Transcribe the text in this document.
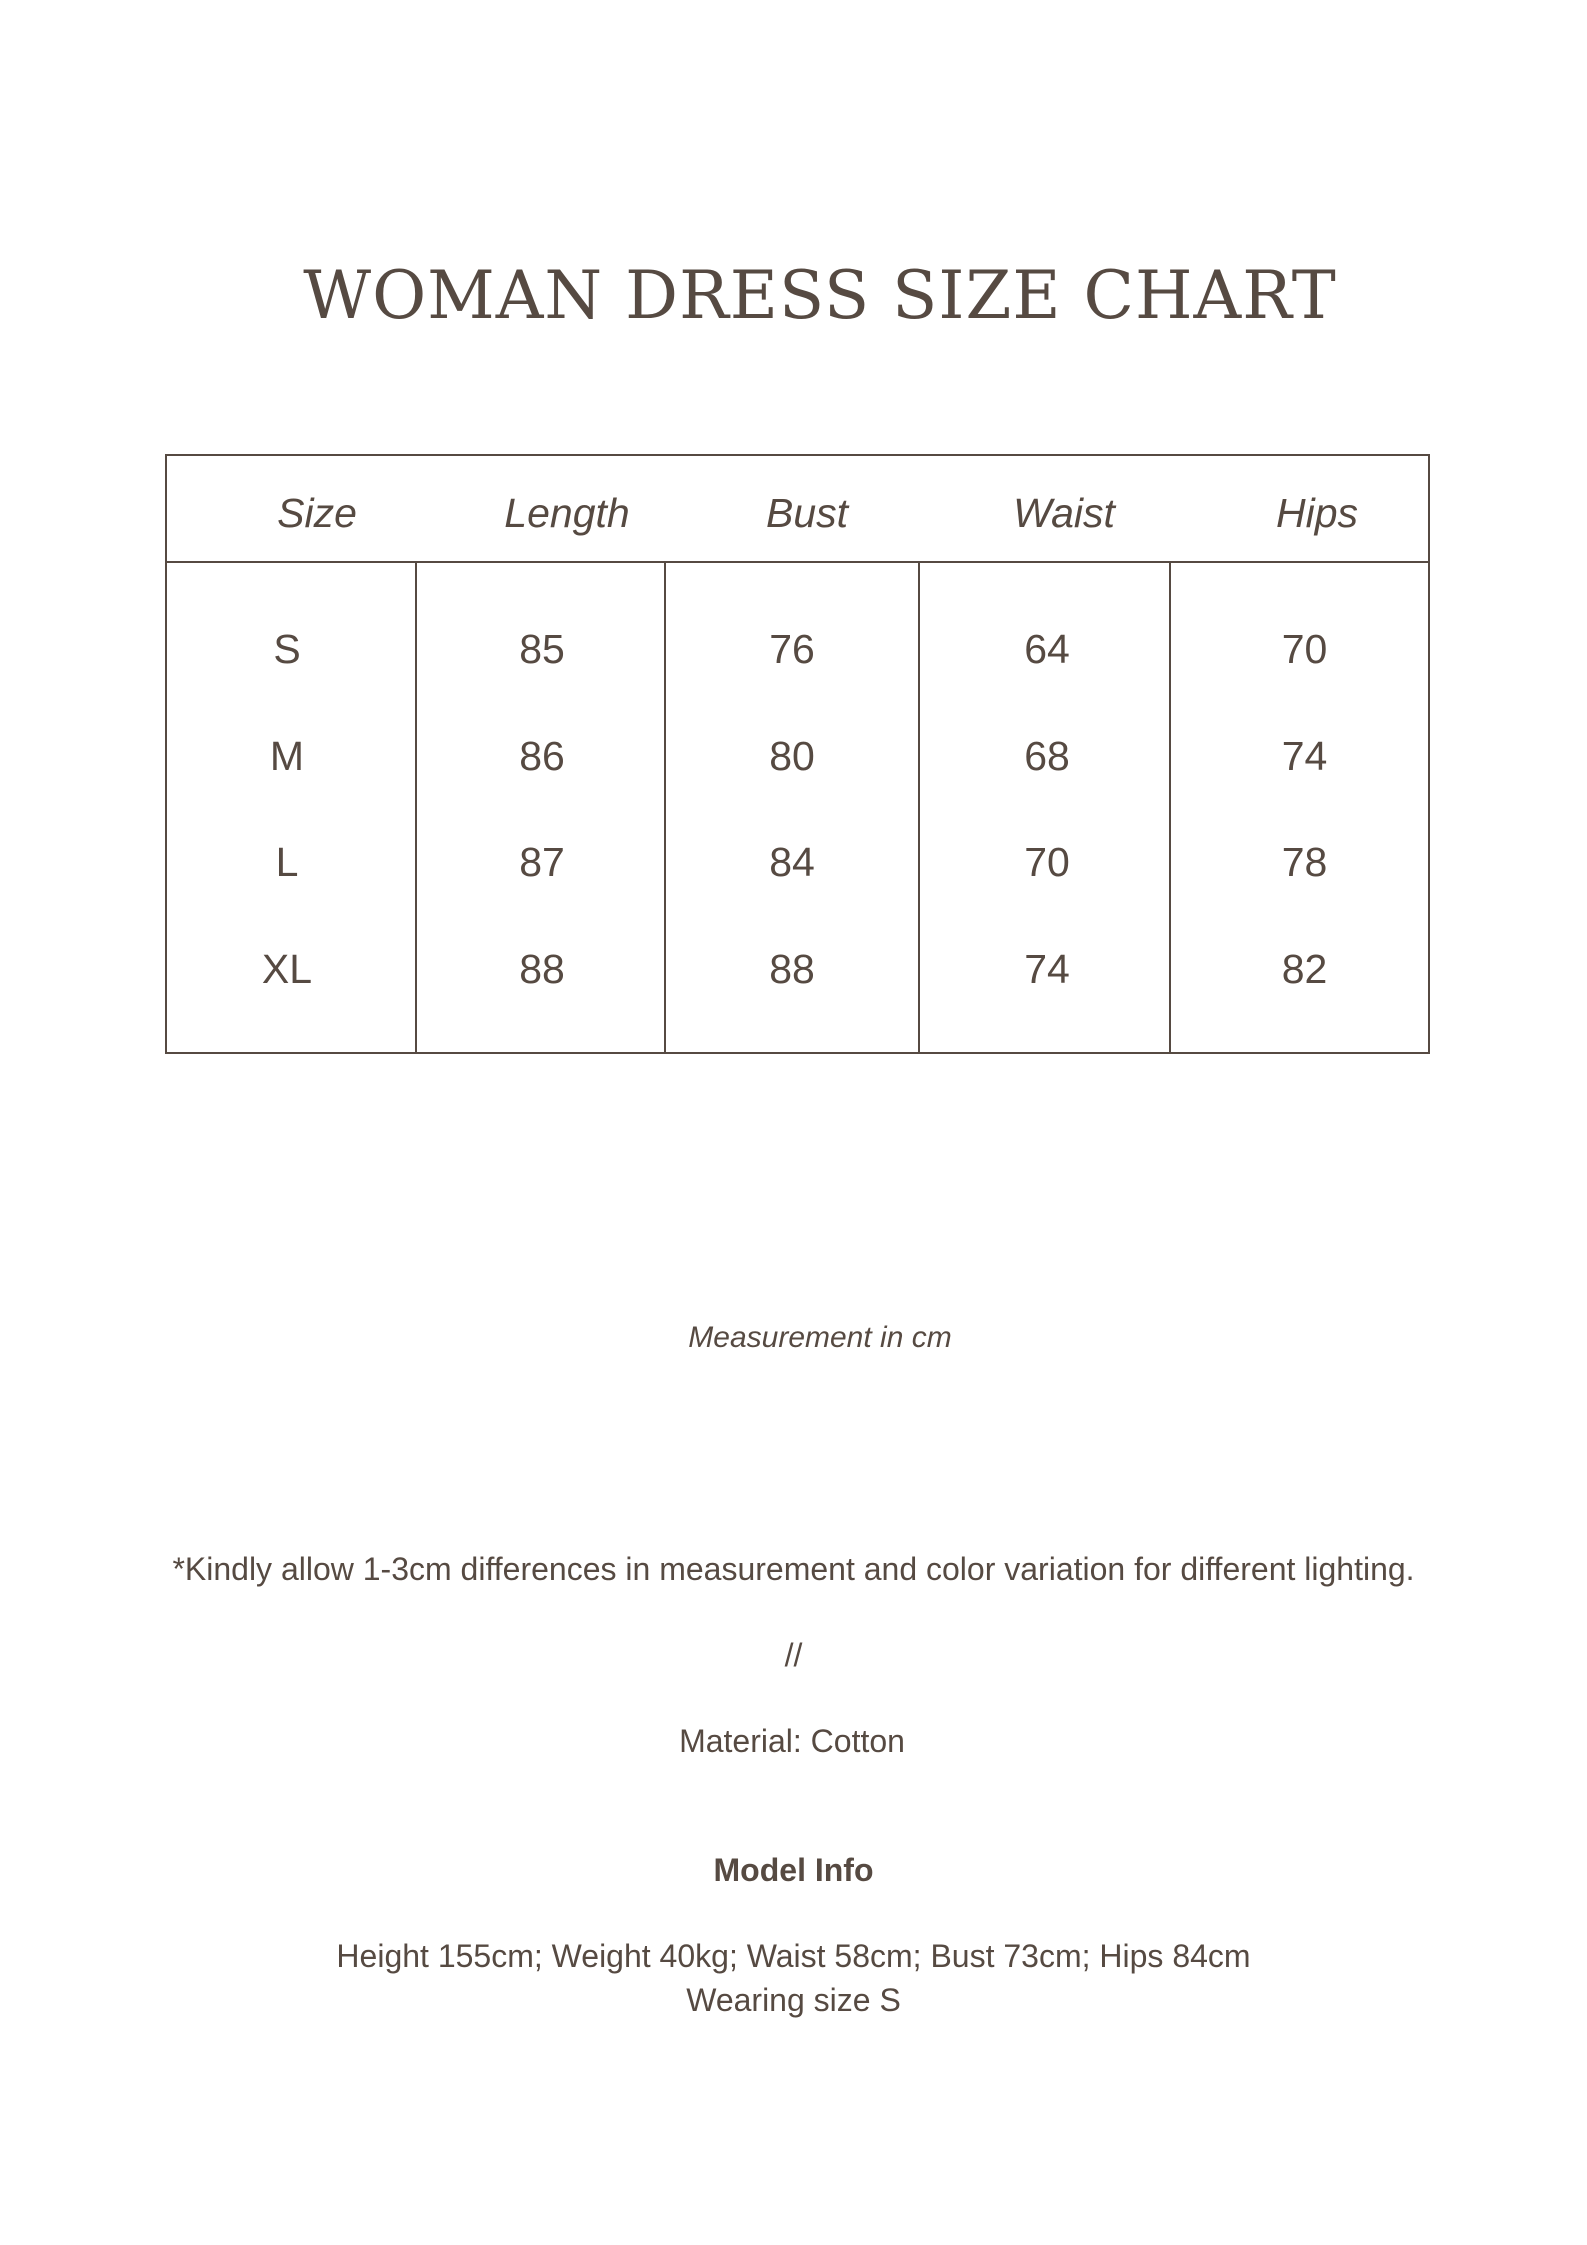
WOMAN DRESS SIZE CHART
Size	Length	Bust	Waist	Hips
S	85	76	64	70
M	86	80	68	74
L	87	84	70	78
XL	88	88	74	82
Measurement in cm
*Kindly allow 1-3cm differences in measurement and color variation for different lighting.
//
Material: Cotton
Model Info
Height 155cm; Weight 40kg; Waist 58cm; Bust 73cm; Hips 84cm
Wearing size S
